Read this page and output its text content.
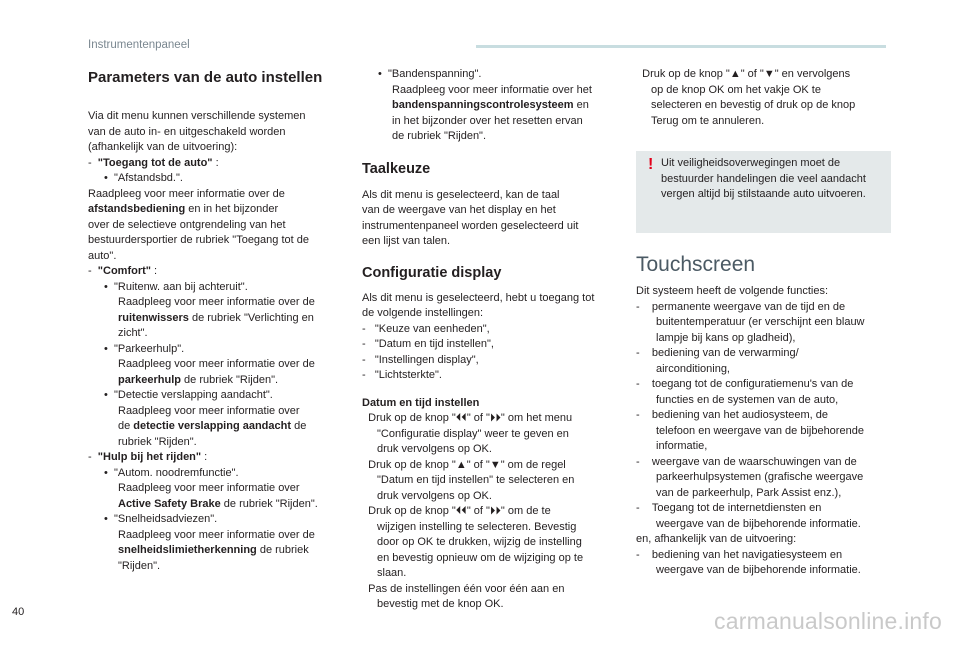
Instrumentenpaneel

Parameters van de auto instellen

Via dit menu kunnen verschillende systemen

van de auto in- en uitgeschakeld worden

(afhankelijk van de uitvoering):

- "Toegang tot de auto" :

• "Afstandsbd.".

Raadpleeg voor meer informatie over de

afstandsbediening en in het bijzonder

over de selectieve ontgrendeling van het

bestuurdersportier de rubriek "Toegang tot de

auto".

- "Comfort" :

• "Ruitenw. aan bij achteruit".

Raadpleeg voor meer informatie over de

ruitenwissers de rubriek "Verlichting en

zicht".

• "Parkeerhulp".

Raadpleeg voor meer informatie over de

parkeerhulp de rubriek "Rijden".

• "Detectie verslapping aandacht".

Raadpleeg voor meer informatie over

de detectie verslapping aandacht de

rubriek "Rijden".

- "Hulp bij het rijden" :

• "Autom. noodremfunctie".

Raadpleeg voor meer informatie over

Active Safety Brake de rubriek "Rijden".

• "Snelheidsadviezen".

Raadpleeg voor meer informatie over de

snelheidslimietherkenning de rubriek

"Rijden".

• "Bandenspanning".

Raadpleeg voor meer informatie over het

bandenspanningscontrolesysteem en

in het bijzonder over het resetten ervan

de rubriek "Rijden".

Taalkeuze

Als dit menu is geselecteerd, kan de taal

van de weergave van het display en het

instrumentenpaneel worden geselecteerd uit

een lijst van talen.

Configuratie display

Als dit menu is geselecteerd, hebt u toegang tot

de volgende instellingen:

- "Keuze van eenheden",

- "Datum en tijd instellen",

- "Instellingen display",

- "Lichtsterkte".

Datum en tijd instellen

Druk op de knop "⏴⏴" of "⏵⏵" om het menu

"Configuratie display" weer te geven en

druk vervolgens op OK.

Druk op de knop "▲" of "▼" om de regel

"Datum en tijd instellen" te selecteren en

druk vervolgens op OK.

Druk op de knop "⏴⏴" of "⏵⏵" om de te

wijzigen instelling te selecteren. Bevestig

door op OK te drukken, wijzig de instelling

en bevestig opnieuw om de wijziging op te

slaan.

Pas de instellingen één voor één aan en

bevestig met de knop OK.

Druk op de knop "▲" of "▼" en vervolgens

op de knop OK om het vakje OK te

selecteren en bevestig of druk op de knop

Terug om te annuleren.

! Uit veiligheidsoverwegingen moet de

bestuurder handelingen die veel aandacht

vergen altijd bij stilstaande auto uitvoeren.

Touchscreen

Dit systeem heeft de volgende functies:

- permanente weergave van de tijd en de

buitentemperatuur (er verschijnt een blauw

lampje bij kans op gladheid),

- bediening van de verwarming/

airconditioning,

- toegang tot de configuratiemenu's van de

functies en de systemen van de auto,

- bediening van het audiosysteem, de

telefoon en weergave van de bijbehorende

informatie,

- weergave van de waarschuwingen van de

parkeerhulpsystemen (grafische weergave

van de parkeerhulp, Park Assist enz.),

- Toegang tot de internetdiensten en

weergave van de bijbehorende informatie.

en, afhankelijk van de uitvoering:

- bediening van het navigatiesysteem en

weergave van de bijbehorende informatie.

40	carmanualsonline.info
